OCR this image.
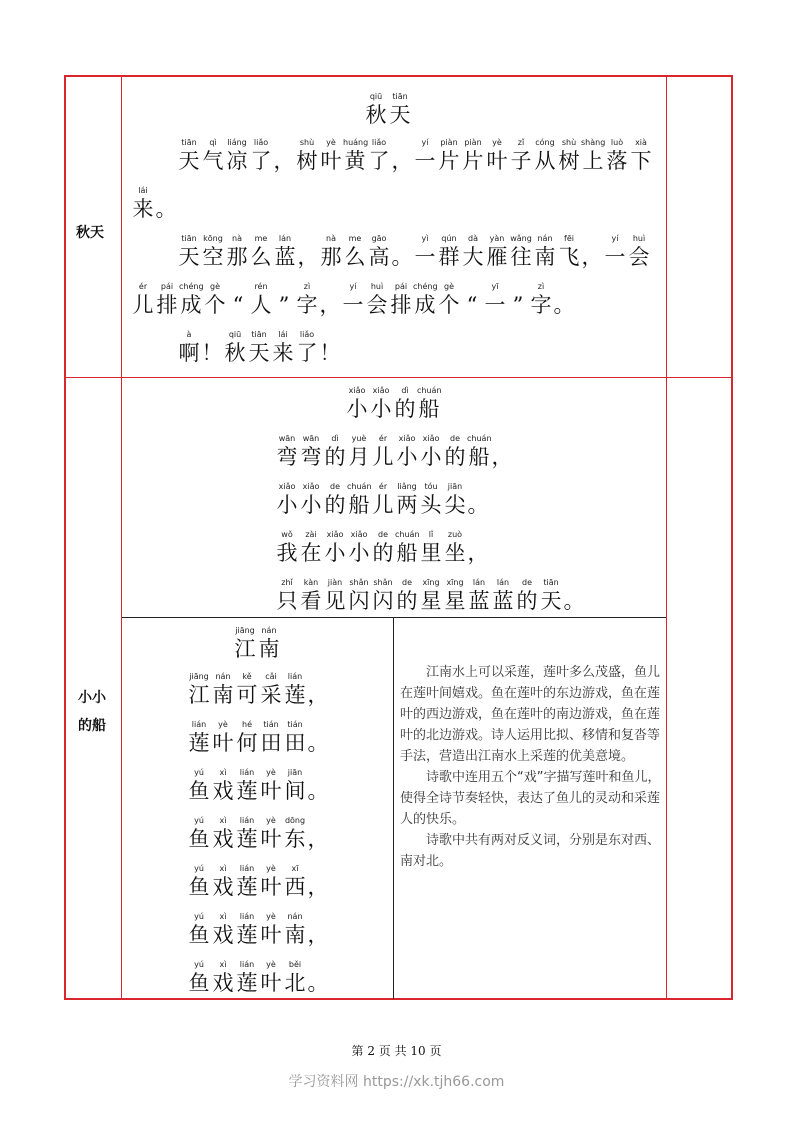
秋天
小小的船
qiū
秋
tiān
天
tiān
天
qì
气
liáng
凉
liǎo
了 ，
shù
树
yè
叶
huáng
黄
liǎo
了 ，
yí
一
piàn
片
piàn
片
yè
叶
zǐ
子
cóng
从
shù
树
shàng
上
luò
落
xià
下
lái
来 。
tiān
天
kōng
空
nà
那
me
么
lán
蓝 ，
nà
那
me
么
gāo
高 。
yì
一
qún
群
dà
大
yàn
雁
wǎng
往
nán
南
fēi
飞 ，
yí
一
huì
会
ér
儿
pái
排
chéng
成
gè
个 “
rén
人 ”
zì
字 ，
yí
一
huì
会
pái
排
chéng
成
gè
个 “
yī
一 ”
zì
字 。
à
啊 ！
qiū
秋
tiān
天
lái
来
liǎo
了 ！
xiǎo
小
xiǎo
小
dì
的
chuán
船
wān
弯
wān
弯
dì
的
yuè
月
ér
儿
xiǎo
小
xiǎo
小
de
的
chuán
船 ，
xiǎo
小
xiǎo
小
de
的
chuán
船
ér
儿
liǎng
两
tóu
头
jiān
尖 。
wǒ
我
zài
在
xiǎo
小
xiǎo
小
de
的
chuán
船
lǐ
里
zuò
坐 ，
zhǐ
只
kàn
看
jiàn
见
shǎn
闪
shǎn
闪
de
的
xīng
星
xīng
星
lán
蓝
lán
蓝
de
的
tiān
天 。
jiāng
江
nán
南
jiāng
江
nán
南
kě
可
cǎi
采
lián
莲 ，
lián
莲
yè
叶
hé
何
tián
田
tián
田 。
yú
鱼
xì
戏
lián
莲
yè
叶
jiān
间 。
yú
鱼
xì
戏
lián
莲
yè
叶
dōng
东 ，
yú
鱼
xì
戏
lián
莲
yè
叶
xī
西 ，
yú
鱼
xì
戏
lián
莲
yè
叶
nán
南 ，
yú
鱼
xì
戏
lián
莲
yè
叶
běi
北 。

江南水上可以采莲，莲叶多么茂盛，鱼儿在莲叶间嬉戏。鱼在莲叶的东边游戏，鱼在莲叶的西边游戏，鱼在莲叶的南边游戏，鱼在莲叶的北边游戏。诗人运用比拟、移情和复沓等手法，营造出江南水上采莲的优美意境。

诗歌中连用五个“戏”字描写莲叶和鱼儿，使得全诗节奏轻快，表达了鱼儿的灵动和采莲人的快乐。

诗歌中共有两对反义词，分别是东对西、南对北。

第 2 页 共 10 页
学习资料网 https://xk.tjh66.com
